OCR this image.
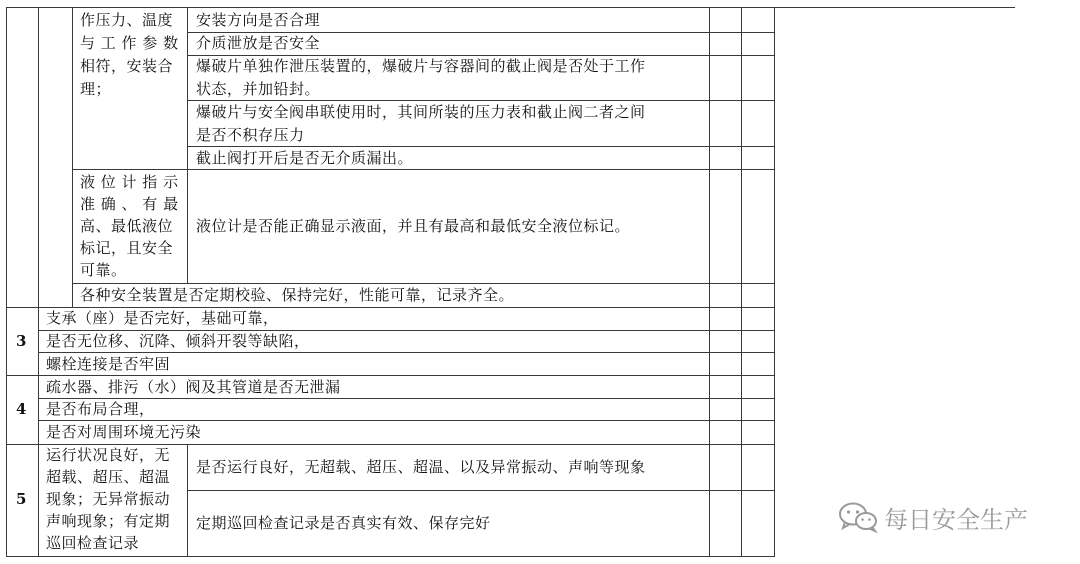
作压力、温度
与 工 作 参 数
相符，安装合
理；
安装方向是否合理
介质泄放是否安全
爆破片单独作泄压装置的，爆破片与容器间的截止阀是否处于工作
状态，并加铅封。
爆破片与安全阀串联使用时，其间所装的压力表和截止阀二者之间
是否不积存压力
截止阀打开后是否无介质漏出。
液 位 计 指 示
准 确 、 有 最
高、最低液位
标记，且安全
可靠。
液位计是否能正确显示液面，并且有最高和最低安全液位标记。
各种安全装置是否定期校验、保持完好，性能可靠，记录齐全。
3
支承（座）是否完好，基础可靠，
是否无位移、沉降、倾斜开裂等缺陷，
螺栓连接是否牢固
4
疏水器、排污（水）阀及其管道是否无泄漏
是否布局合理，
是否对周围环境无污染
5
运行状况良好，无
超载、超压、超温
现象；无异常振动
声响现象；有定期
巡回检查记录
是否运行良好，无超载、超压、超温、以及异常振动、声响等现象
定期巡回检查记录是否真实有效、保存完好	每日安全生产
